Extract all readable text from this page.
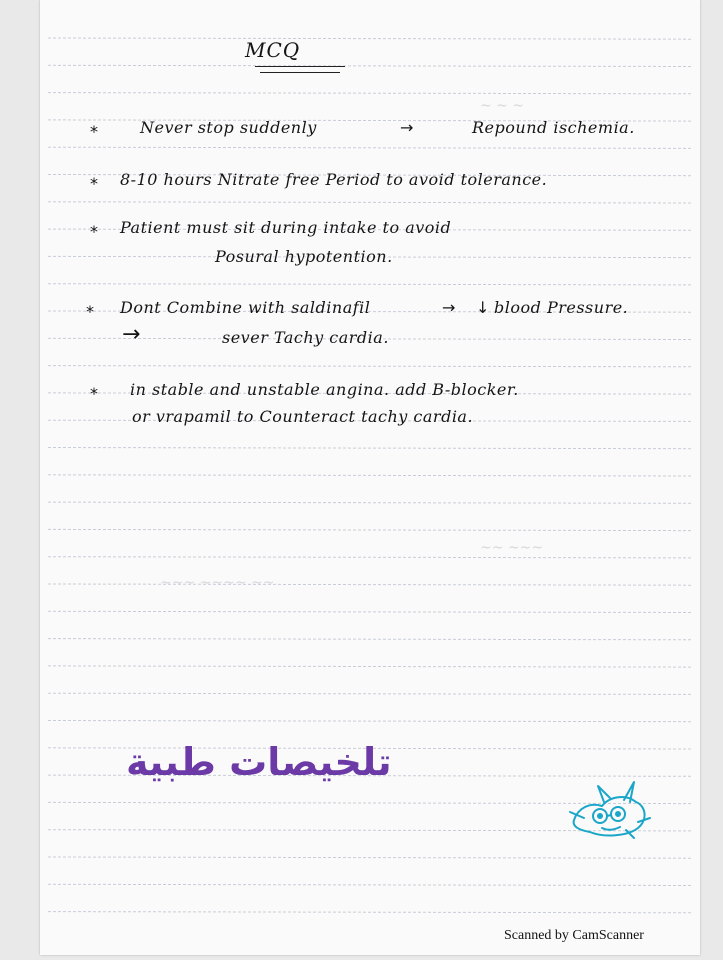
~ ~ ~
~~~ ~~~~ ~~
~~ ~~~
MCQ
*	Never stop suddenly	→	Repound ischemia.
* 8-10 hours Nitrate free Period to avoid tolerance.
* Patient must sit during intake to avoid
Posural hypotention.
* Dont Combine with saldinafil	→ ↓ blood Pressure.
→	sever Tachy cardia.
* in stable and unstable angina. add B-blocker.
or vrapamil to Counteract tachy cardia.
تلخيصات طبية
Scanned by CamScanner
